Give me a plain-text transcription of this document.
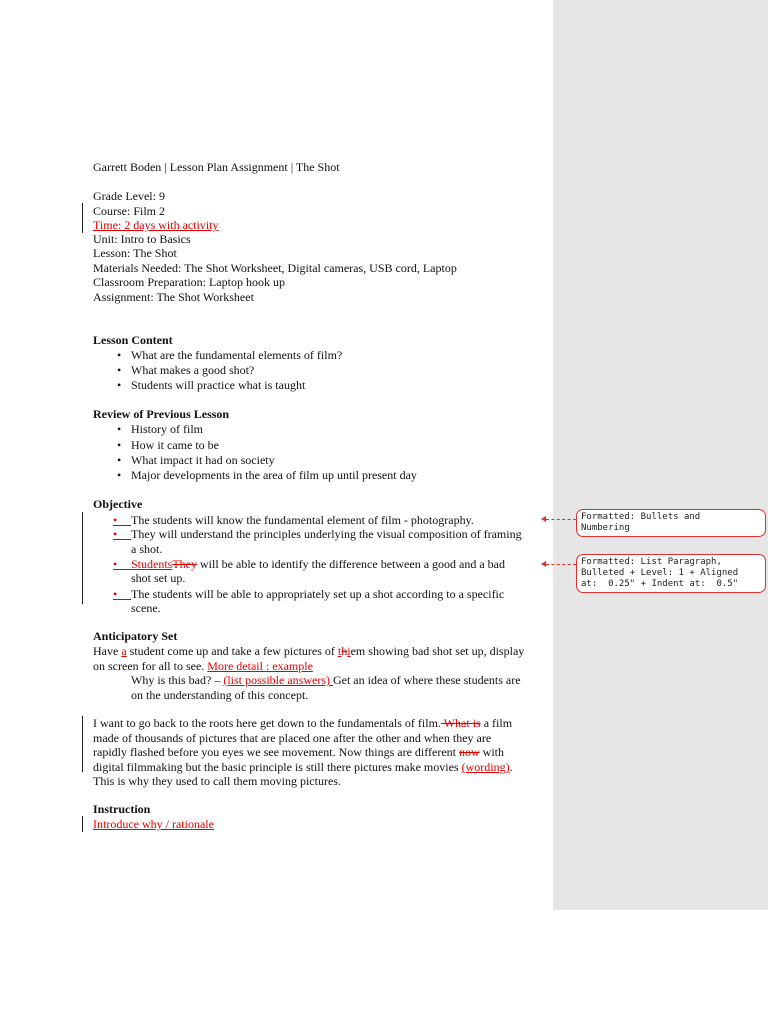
Garrett Boden | Lesson Plan Assignment | The Shot
Grade Level: 9
Course: Film 2
Time: 2 days with activity
Unit: Intro to Basics
Lesson: The Shot
Materials Needed: The Shot Worksheet, Digital cameras, USB cord, Laptop
Classroom Preparation: Laptop hook up
Assignment: The Shot Worksheet
Lesson Content
• What are the fundamental elements of film?
• What makes a good shot?
• Students will practice what is taught
Review of Previous Lesson
• History of film
• How it came to be
• What impact it had on society
• Major developments in the area of film up until present day
Objective
•	The students will know the fundamental element of film - photography.
•	They will understand the principles underlying the visual composition of framing
a shot.
•	StudentsThey will be able to identify the difference between a good and a bad
shot set up.
•	The students will be able to appropriately set up a shot according to a specific
scene.
Anticipatory Set
Have a student come up and take a few pictures of thiem showing bad shot set up, display
on screen for all to see. More detail : example
Why is this bad? – (list possible answers) Get an idea of where these students are
on the understanding of this concept.
I want to go back to the roots here get down to the fundamentals of film. What is a film
made of thousands of pictures that are placed one after the other and when they are
rapidly flashed before you eyes we see movement. Now things are different now with
digital filmmaking but the basic principle is still there pictures make movies (wording).
This is why they used to call them moving pictures.
Instruction
Introduce why / rationale
Formatted: Bullets and
Numbering
Formatted: List Paragraph,
Bulleted + Level: 1 + Aligned
at:  0.25" + Indent at:  0.5"
